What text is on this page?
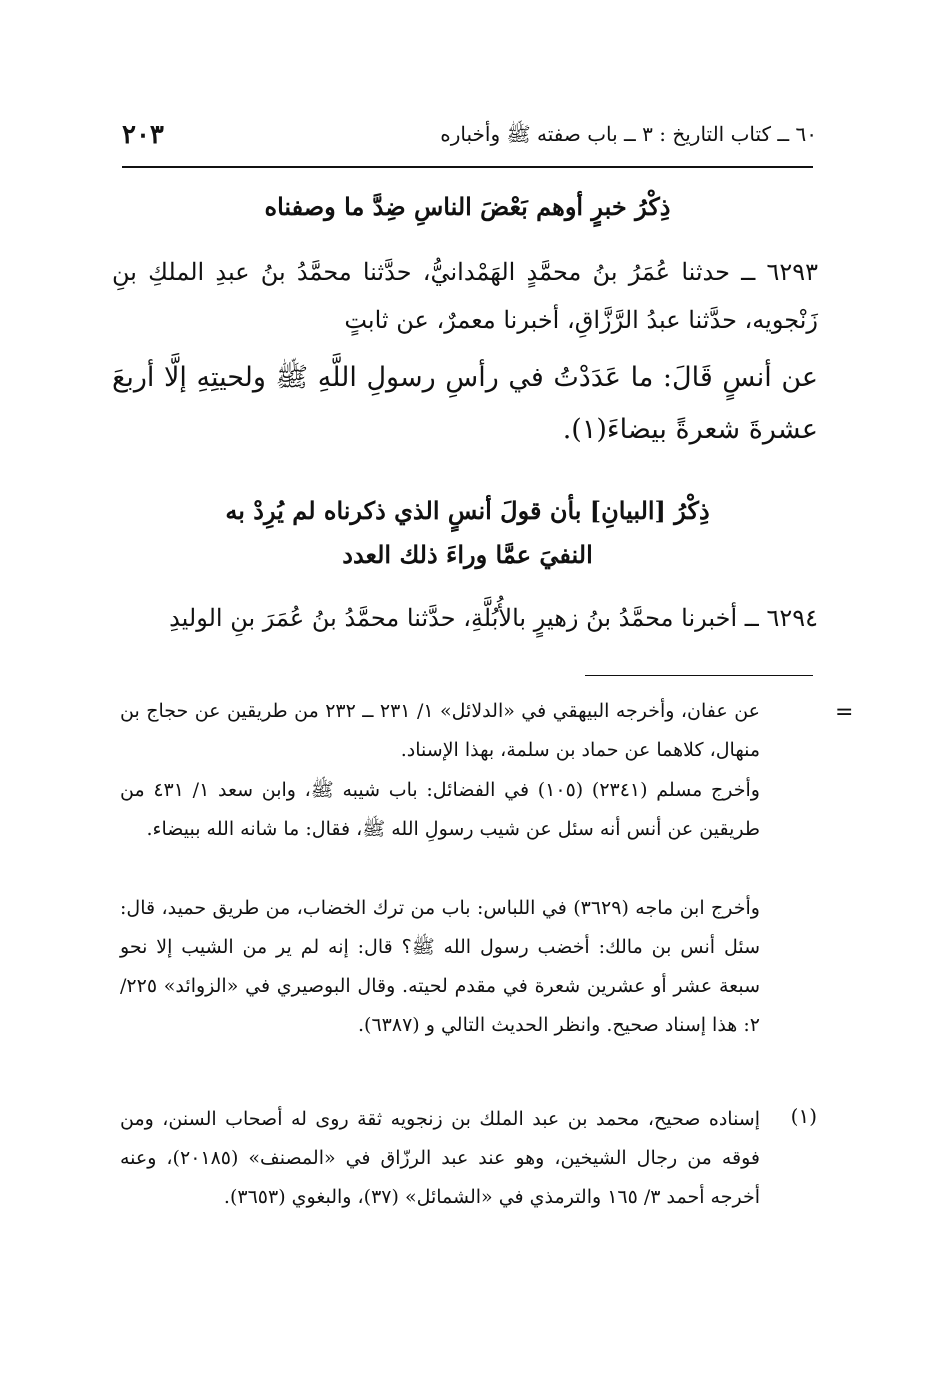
٢٠٣	٦٠ ــ كتاب التاريخ : ٣ ــ باب صفته ﷺ وأخباره
ذِكْرُ خبرٍ أوهم بَعْضَ الناسِ ضِدَّ ما وصفناه
٦٢٩٣ ــ حدثنا عُمَرُ بنُ محمَّدٍ الهَمْدانيُّ، حدَّثنا محمَّدُ بنُ عبدِ الملكِ بنِ زَنْجويه، حدَّثنا عبدُ الرَّزَّاقِ، أخبرنا معمرٌ، عن ثابتٍ
عن أنسٍ قَالَ: ما عَدَدْتُ في رأسِ رسولِ اللَّهِ ﷺ ولحيتِهِ إلَّا أربعَ عشرةَ شعرةً بيضاءَ(١).
ذِكْرُ [البيانِ] بأن قولَ أنسٍ الذي ذكرناه لم يُرِدْ به
النفيَ عمَّا وراءَ ذلك العدد
٦٢٩٤ ــ أخبرنا محمَّدُ بنُ زهيرٍ بالأُبُلَّةِ، حدَّثنا محمَّدُ بنُ عُمَرَ بنِ الوليدِ
=
عن عفان، وأخرجه البيهقي في «الدلائل» ١/ ٢٣١ ــ ٢٣٢ من طريقين عن حجاج بن منهال، كلاهما عن حماد بن سلمة، بهذا الإسناد.
وأخرج مسلم (٢٣٤١) (١٠٥) في الفضائل: باب شيبه ﷺ، وابن سعد ١/ ٤٣١ من طريقين عن أنس أنه سئل عن شيب رسولِ الله ﷺ، فقال: ما شانه الله ببيضاء.
وأخرج ابن ماجه (٣٦٢٩) في اللباس: باب من ترك الخضاب، من طريق حميد، قال: سئل أنس بن مالك: أخضب رسول الله ﷺ؟ قال: إنه لم ير من الشيب إلا نحو سبعة عشر أو عشرين شعرة في مقدم لحيته. وقال البوصيري في «الزوائد» ٢٢٥/ ٢: هذا إسناد صحيح. وانظر الحديث التالي و (٦٣٨٧).
(١)
إسناده صحيح، محمد بن عبد الملك بن زنجويه ثقة روى له أصحاب السنن، ومن فوقه من رجال الشيخين، وهو عند عبد الرزّاق في «المصنف» (٢٠١٨٥)، وعنه أخرجه أحمد ٣/ ١٦٥ والترمذي في «الشمائل» (٣٧)، والبغوي (٣٦٥٣).
